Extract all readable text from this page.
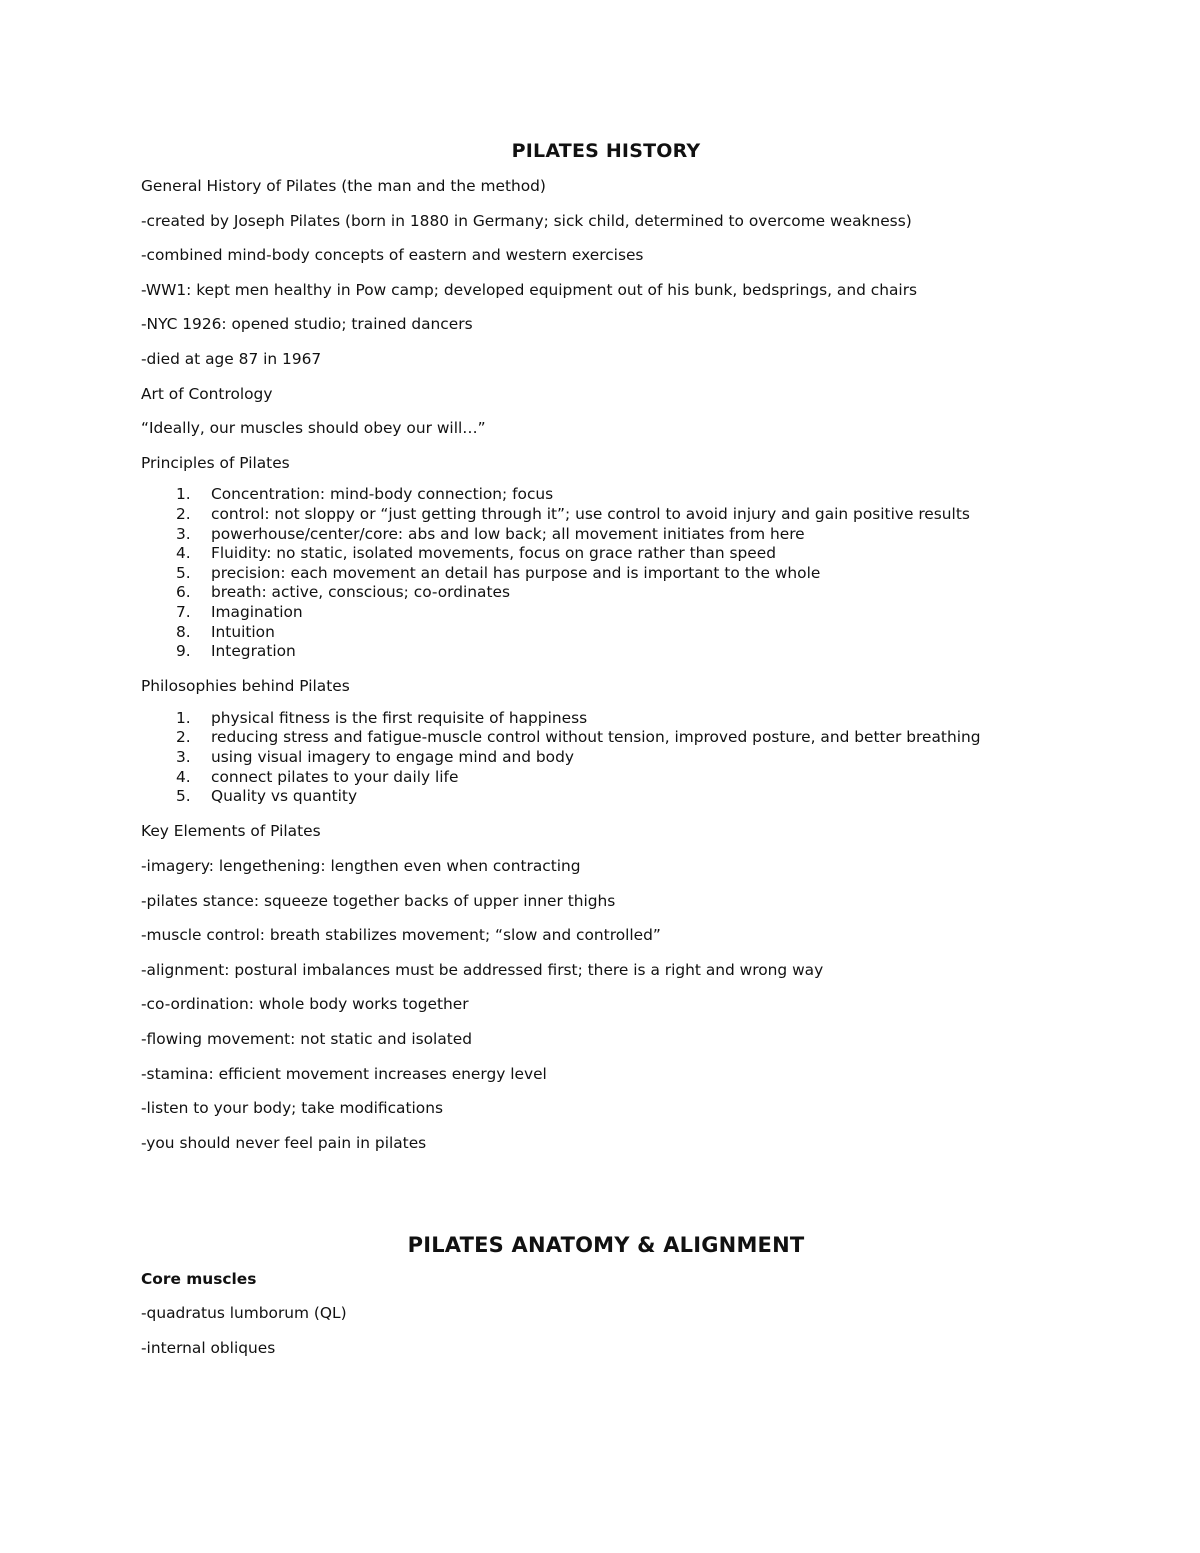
PILATES HISTORY
General History of Pilates (the man and the method)
-created by Joseph Pilates (born in 1880 in Germany; sick child, determined to overcome weakness)
-combined mind-body concepts of eastern and western exercises
-WW1: kept men healthy in Pow camp; developed equipment out of his bunk, bedsprings, and chairs
-NYC 1926: opened studio; trained dancers
-died at age 87 in 1967
Art of Contrology
“Ideally, our muscles should obey our will…”
Principles of Pilates
1. Concentration: mind-body connection; focus
2. control: not sloppy or “just getting through it”; use control to avoid injury and gain positive results
3. powerhouse/center/core: abs and low back; all movement initiates from here
4. Fluidity: no static, isolated movements, focus on grace rather than speed
5. precision: each movement an detail has purpose and is important to the whole
6. breath: active, conscious; co-ordinates
7. Imagination
8. Intuition
9. Integration
Philosophies behind Pilates
1. physical fitness is the first requisite of happiness
2. reducing stress and fatigue-muscle control without tension, improved posture, and better breathing
3. using visual imagery to engage mind and body
4. connect pilates to your daily life
5. Quality vs quantity
Key Elements of Pilates
-imagery: lengethening: lengthen even when contracting
-pilates stance: squeeze together backs of upper inner thighs
-muscle control: breath stabilizes movement; “slow and controlled”
-alignment: postural imbalances must be addressed first; there is a right and wrong way
-co-ordination: whole body works together
-flowing movement: not static and isolated
-stamina: efficient movement increases energy level
-listen to your body; take modifications
-you should never feel pain in pilates
PILATES ANATOMY & ALIGNMENT
Core muscles
-quadratus lumborum (QL)
-internal obliques
